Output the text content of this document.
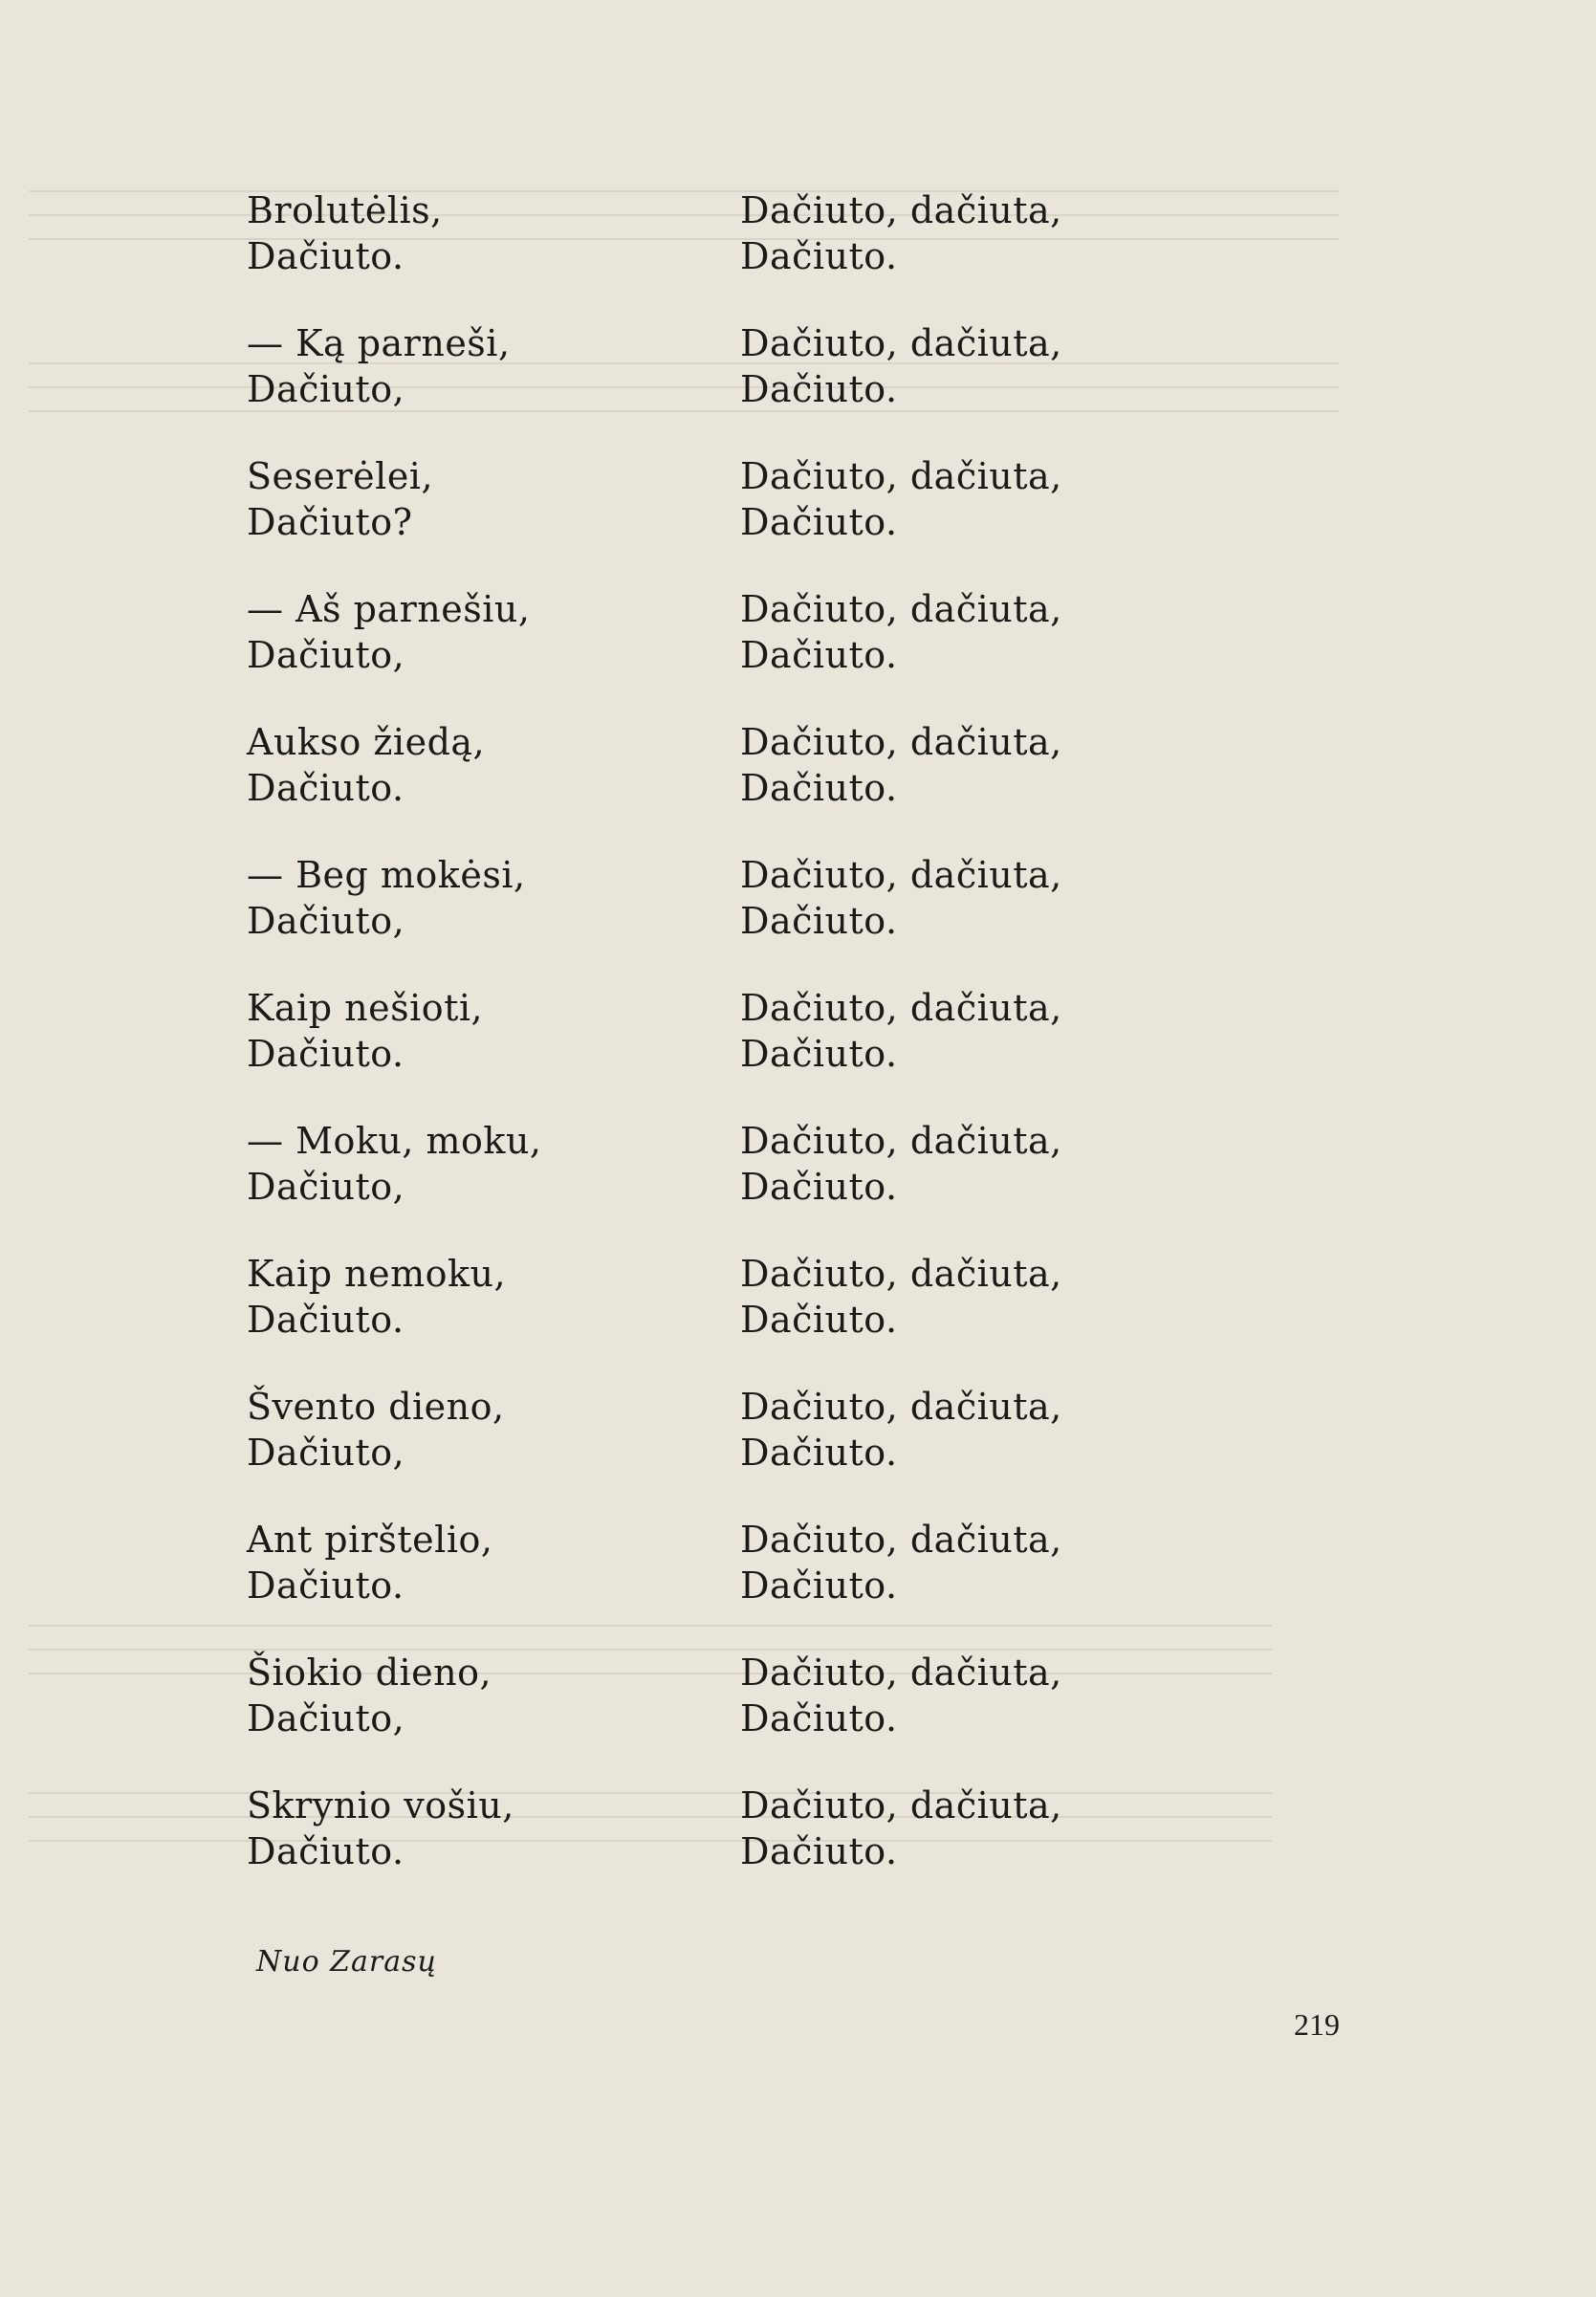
Brolutėlis,
Dačiuto.
— Ką parneši,
Dačiuto,
Seserėlei,
Dačiuto?
— Aš parnešiu,
Dačiuto,
Aukso žiedą,
Dačiuto.
— Beg mokėsi,
Dačiuto,
Kaip nešioti,
Dačiuto.
— Moku, moku,
Dačiuto,
Kaip nemoku,
Dačiuto.
Švento dieno,
Dačiuto,
Ant pirštelio,
Dačiuto.
Šiokio dieno,
Dačiuto,
Skrynio vošiu,
Dačiuto.
Dačiuto, dačiuta,
Dačiuto.
Dačiuto, dačiuta,
Dačiuto.
Dačiuto, dačiuta,
Dačiuto.
Dačiuto, dačiuta,
Dačiuto.
Dačiuto, dačiuta,
Dačiuto.
Dačiuto, dačiuta,
Dačiuto.
Dačiuto, dačiuta,
Dačiuto.
Dačiuto, dačiuta,
Dačiuto.
Dačiuto, dačiuta,
Dačiuto.
Dačiuto, dačiuta,
Dačiuto.
Dačiuto, dačiuta,
Dačiuto.
Dačiuto, dačiuta,
Dačiuto.
Dačiuto, dačiuta,
Dačiuto.
Nuo Zarasų
219
